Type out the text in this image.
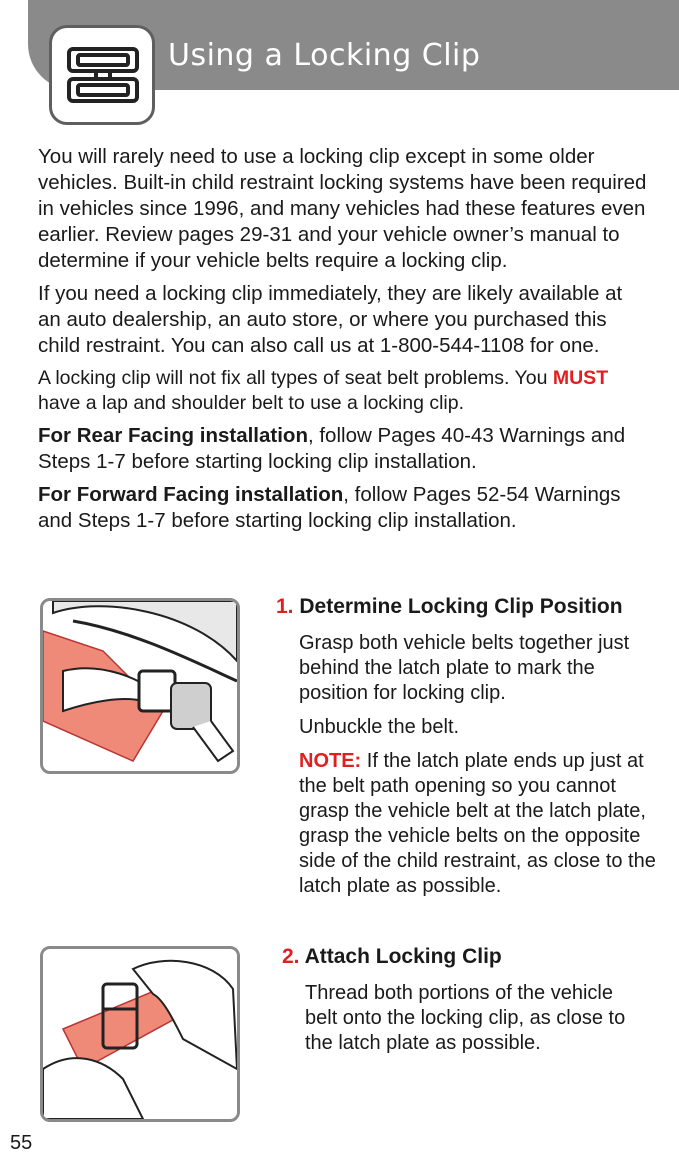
Using a Locking Clip

You will rarely need to use a locking clip except in some older vehicles. Built-in child restraint locking systems have been required in vehicles since 1996, and many vehicles had these features even earlier. Review pages 29-31 and your vehicle owner’s manual to determine if your vehicle belts require a locking clip.

If you need a locking clip immediately, they are likely available at an auto dealership, an auto store, or where you purchased this child restraint. You can also call us at 1-800-544-1108 for one.

A locking clip will not fix all types of seat belt problems. You MUST have a lap and shoulder belt to use a locking clip.

For Rear Facing installation, follow Pages 40-43 Warnings and Steps 1-7 before starting locking clip installation.

For Forward Facing installation, follow Pages 52-54 Warnings and Steps 1-7 before starting locking clip installation.

1. Determine Locking Clip Position

Grasp both vehicle belts together just behind the latch plate to mark the position for locking clip.

Unbuckle the belt.

NOTE: If the latch plate ends up just at the belt path opening so you cannot grasp the vehicle belt at the latch plate, grasp the vehicle belts on the opposite side of the child restraint, as close to the latch plate as possible.

2. Attach Locking Clip

Thread both portions of the vehicle belt onto the locking clip, as close to the latch plate as possible.

55
